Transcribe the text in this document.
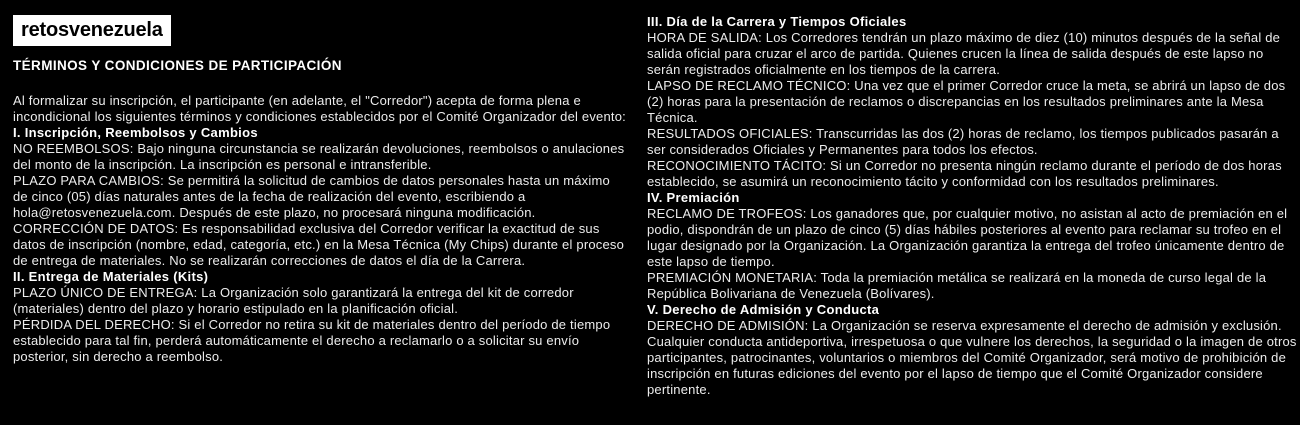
retosvenezuela
TÉRMINOS Y CONDICIONES DE PARTICIPACIÓN

Al formalizar su inscripción, el participante (en adelante, el "Corredor") acepta de forma plena e incondicional los siguientes términos y condiciones establecidos por el Comité Organizador del evento:

I. Inscripción, Reembolsos y Cambios

NO REEMBOLSOS: Bajo ninguna circunstancia se realizarán devoluciones, reembolsos o anulaciones del monto de la inscripción. La inscripción es personal e intransferible.

PLAZO PARA CAMBIOS: Se permitirá la solicitud de cambios de datos personales hasta un máximo de cinco (05) días naturales antes de la fecha de realización del evento, escribiendo a hola@retosvenezuela.com. Después de este plazo, no procesará ninguna modificación.

CORRECCIÓN DE DATOS: Es responsabilidad exclusiva del Corredor verificar la exactitud de sus datos de inscripción (nombre, edad, categoría, etc.) en la Mesa Técnica (My Chips) durante el proceso de entrega de materiales. No se realizarán correcciones de datos el día de la Carrera.

II. Entrega de Materiales (Kits)

PLAZO ÚNICO DE ENTREGA: La Organización solo garantizará la entrega del kit de corredor (materiales) dentro del plazo y horario estipulado en la planificación oficial.

PÉRDIDA DEL DERECHO: Si el Corredor no retira su kit de materiales dentro del período de tiempo establecido para tal fin, perderá automáticamente el derecho a reclamarlo o a solicitar su envío posterior, sin derecho a reembolso.

III. Día de la Carrera y Tiempos Oficiales

HORA DE SALIDA: Los Corredores tendrán un plazo máximo de diez (10) minutos después de la señal de salida oficial para cruzar el arco de partida. Quienes crucen la línea de salida después de este lapso no serán registrados oficialmente en los tiempos de la carrera.

LAPSO DE RECLAMO TÉCNICO: Una vez que el primer Corredor cruce la meta, se abrirá un lapso de dos (2) horas para la presentación de reclamos o discrepancias en los resultados preliminares ante la Mesa Técnica.

RESULTADOS OFICIALES: Transcurridas las dos (2) horas de reclamo, los tiempos publicados pasarán a ser considerados Oficiales y Permanentes para todos los efectos.

RECONOCIMIENTO TÁCITO: Si un Corredor no presenta ningún reclamo durante el período de dos horas establecido, se asumirá un reconocimiento tácito y conformidad con los resultados preliminares.

IV. Premiación

RECLAMO DE TROFEOS: Los ganadores que, por cualquier motivo, no asistan al acto de premiación en el podio, dispondrán de un plazo de cinco (5) días hábiles posteriores al evento para reclamar su trofeo en el lugar designado por la Organización. La Organización garantiza la entrega del trofeo únicamente dentro de este lapso de tiempo.

PREMIACIÓN MONETARIA: Toda la premiación metálica se realizará en la moneda de curso legal de la República Bolivariana de Venezuela (Bolívares).

V. Derecho de Admisión y Conducta

DERECHO DE ADMISIÓN: La Organización se reserva expresamente el derecho de admisión y exclusión. Cualquier conducta antideportiva, irrespetuosa o que vulnere los derechos, la seguridad o la imagen de otros participantes, patrocinantes, voluntarios o miembros del Comité Organizador, será motivo de prohibición de inscripción en futuras ediciones del evento por el lapso de tiempo que el Comité Organizador considere pertinente.
